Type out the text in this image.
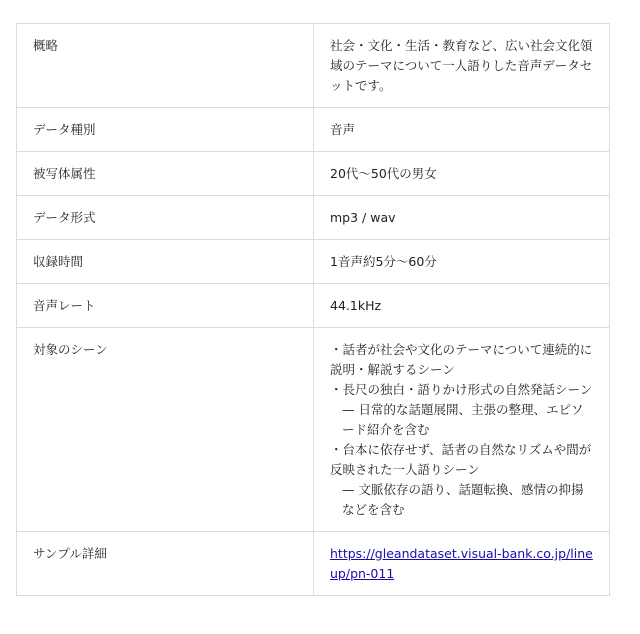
概略	社会・文化・生活・教育など、広い社会文化領域のテーマについて一人語りした音声データセットです。

データ種別	音声

被写体属性	20代〜50代の男女

データ形式	mp3 / wav

収録時間	1音声約5分〜60分

音声レート	44.1kHz

対象のシーン	・話者が社会や文化のテーマについて連続的に説明・解説するシーン
・長尺の独白・語りかけ形式の自然発話シーン
— 日常的な話題展開、主張の整理、エピソード紹介を含む
・台本に依存せず、話者の自然なリズムや間が反映された一人語りシーン
— 文脈依存の語り、話題転換、感情の抑揚などを含む

サンプル詳細	https://gleandataset.visual-bank.co.jp/lineup/pn-011
